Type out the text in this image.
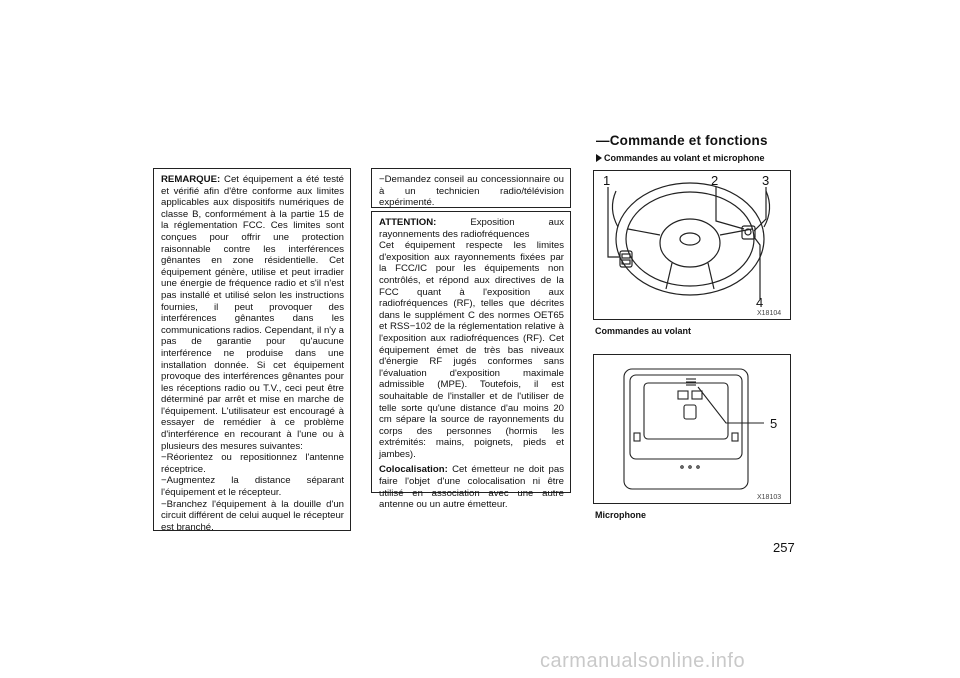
REMARQUE: Cet équipement a été testé et vérifié afin d'être conforme aux limites applicables aux dispositifs numériques de classe B, conformément à la partie 15 de la réglementation FCC. Ces limites sont conçues pour offrir une protection raisonnable contre les interférences gênantes en zone résidentielle. Cet équipement génère, utilise et peut irradier une énergie de fréquence radio et s'il n'est pas installé et utilisé selon les instructions fournies, il peut provoquer des interférences gênantes dans les communications radios. Cependant, il n'y a pas de garantie pour qu'aucune interférence ne produise dans une installation donnée. Si cet équipement provoque des interférences gênantes pour les réceptions radio ou T.V., ceci peut être déterminé par arrêt et mise en marche de l'équipement. L'utilisateur est encouragé à essayer de remédier à ce problème d'interférence en recourant à l'une ou à plusieurs des mesures suivantes:

−Réorientez ou repositionnez l'antenne réceptrice.

−Augmentez la distance séparant l'équipement et le récepteur.

−Branchez l'équipement à la douille d'un circuit différent de celui auquel le récepteur est branché.

−Demandez conseil au concessionnaire ou à un technicien radio/télévision expérimenté.

ATTENTION: Exposition aux rayonnements des radiofréquences

Cet équipement respecte les limites d'exposition aux rayonnements fixées par la FCC/IC pour les équipements non contrôlés, et répond aux directives de la FCC quant à l'exposition aux radiofréquences (RF), telles que décrites dans le supplément C des normes OET65 et RSS−102 de la réglementation relative à l'exposition aux radiofréquences (RF). Cet équipement émet de très bas niveaux d'énergie RF jugés conformes sans l'évaluation d'exposition maximale admissible (MPE). Toutefois, il est souhaitable de l'installer et de l'utiliser de telle sorte qu'une distance d'au moins 20 cm sépare la source de rayonnements du corps des personnes (hormis les extrémités: mains, poignets, pieds et jambes).

Colocalisation: Cet émetteur ne doit pas faire l'objet d'une colocalisation ni être utilisé en association avec une autre antenne ou un autre émetteur.

—Commande et fonctions
Commandes au volant et microphone
1	2	3
4
X18104
Commandes au volant
5
X18103
Microphone
257
carmanualsonline.info
